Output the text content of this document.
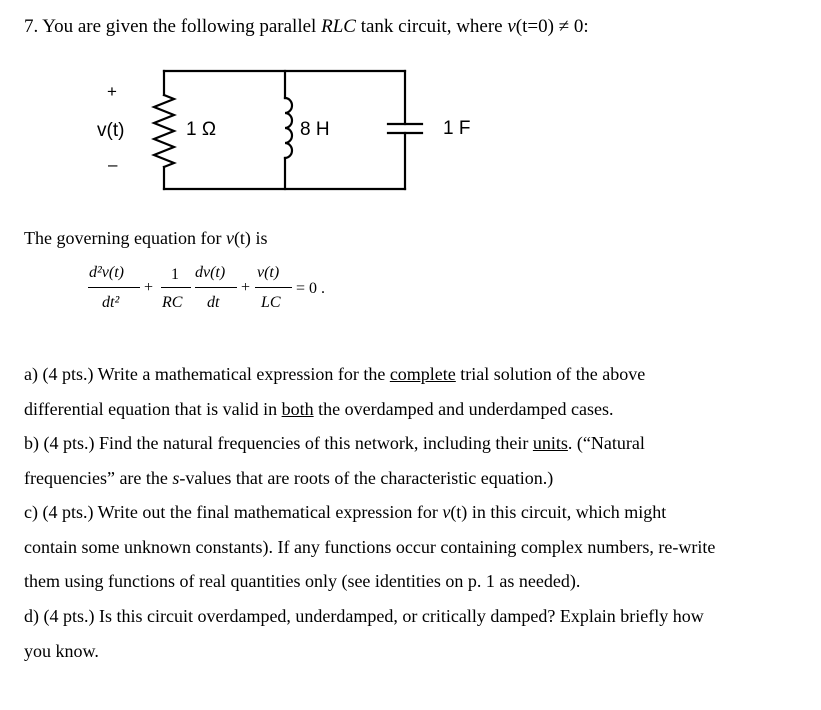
7. You are given the following parallel RLC tank circuit, where v(t=0) ≠ 0:
+
v(t)
–
1 Ω	8 H	1 F
The governing equation for v(t) is
d²v(t)
dt²
+
1
RC
dv(t)
dt
+
v(t)
LC
= 0 .
a) (4 pts.) Write a mathematical expression for the complete trial solution of the above
differential equation that is valid in both the overdamped and underdamped cases.
b) (4 pts.) Find the natural frequencies of this network, including their units. (“Natural
frequencies” are the s-values that are roots of the characteristic equation.)
c) (4 pts.) Write out the final mathematical expression for v(t) in this circuit, which might
contain some unknown constants). If any functions occur containing complex numbers, re-write
them using functions of real quantities only (see identities on p. 1 as needed).
d) (4 pts.) Is this circuit overdamped, underdamped, or critically damped? Explain briefly how
you know.
